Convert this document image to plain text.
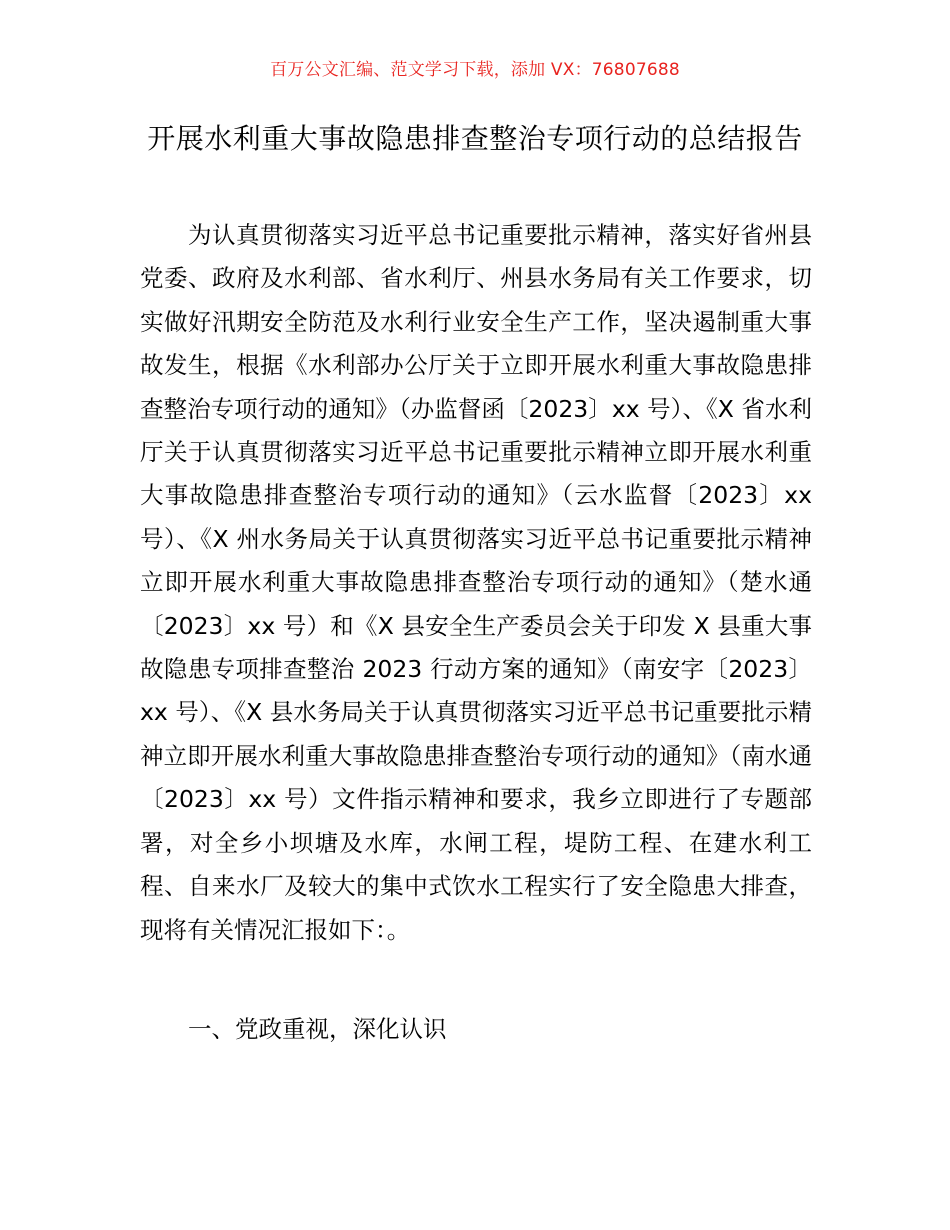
百万公文汇编、范文学习下载，添加 VX：76807688
开展水利重大事故隐患排查整治专项行动的总结报告

为认真贯彻落实习近平总书记重要批示精神，落实好省州县党委、政府及水利部、省水利厅、州县水务局有关工作要求，切实做好汛期安全防范及水利行业安全生产工作，坚决遏制重大事故发生，根据《水利部办公厅关于立即开展水利重大事故隐患排查整治专项行动的通知》（办监督函〔2023〕xx 号）、《X 省水利厅关于认真贯彻落实习近平总书记重要批示精神立即开展水利重大事故隐患排查整治专项行动的通知》（云水监督〔2023〕xx 号）、《X 州水务局关于认真贯彻落实习近平总书记重要批示精神立即开展水利重大事故隐患排查整治专项行动的通知》（楚水通〔2023〕xx 号）和《X 县安全生产委员会关于印发 X 县重大事故隐患专项排查整治 2023 行动方案的通知》（南安字〔2023〕xx 号）、《X 县水务局关于认真贯彻落实习近平总书记重要批示精神立即开展水利重大事故隐患排查整治专项行动的通知》（南水通〔2023〕xx 号）文件指示精神和要求，我乡立即进行了专题部署，对全乡小坝塘及水库，水闸工程，堤防工程、在建水利工程、自来水厂及较大的集中式饮水工程实行了安全隐患大排查，现将有关情况汇报如下：。

一、党政重视，深化认识
